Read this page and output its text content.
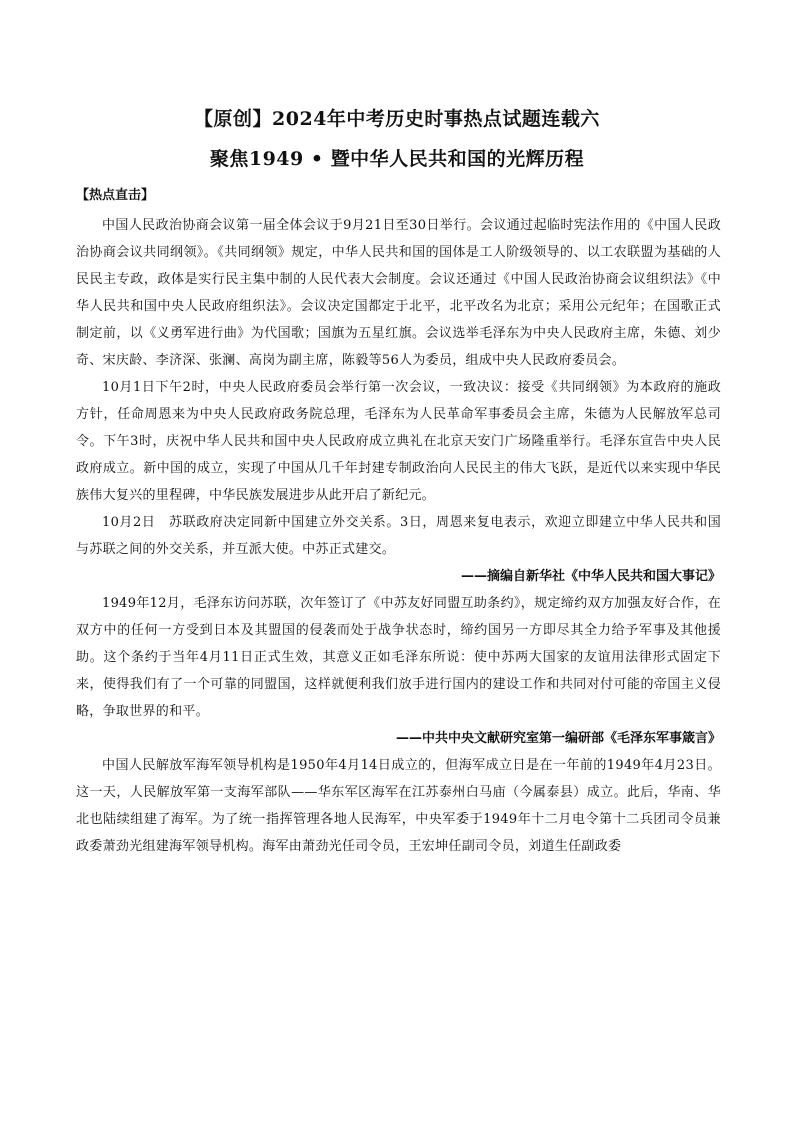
【原创】2024年中考历史时事热点试题连载六
聚焦1949 • 暨中华人民共和国的光辉历程

【热点直击】

中国人民政治协商会议第一届全体会议于9月21日至30日举行。会议通过起临时宪法作用的《中国人民政治协商会议共同纲领》。《共同纲领》规定，中华人民共和国的国体是工人阶级领导的、以工农联盟为基础的人民民主专政，政体是实行民主集中制的人民代表大会制度。会议还通过《中国人民政治协商会议组织法》《中华人民共和国中央人民政府组织法》。会议决定国都定于北平，北平改名为北京；采用公元纪年；在国歌正式制定前，以《义勇军进行曲》为代国歌；国旗为五星红旗。会议选举毛泽东为中央人民政府主席，朱德、刘少奇、宋庆龄、李济深、张澜、高岗为副主席，陈毅等56人为委员，组成中央人民政府委员会。

10月1日下午2时，中央人民政府委员会举行第一次会议，一致决议：接受《共同纲领》为本政府的施政方针，任命周恩来为中央人民政府政务院总理，毛泽东为人民革命军事委员会主席，朱德为人民解放军总司令。下午3时，庆祝中华人民共和国中央人民政府成立典礼在北京天安门广场隆重举行。毛泽东宣告中央人民政府成立。新中国的成立，实现了中国从几千年封建专制政治向人民民主的伟大飞跃，是近代以来实现中华民族伟大复兴的里程碑，中华民族发展进步从此开启了新纪元。

10月2日　苏联政府决定同新中国建立外交关系。3日，周恩来复电表示，欢迎立即建立中华人民共和国与苏联之间的外交关系，并互派大使。中苏正式建交。

——摘编自新华社《中华人民共和国大事记》

1949年12月，毛泽东访问苏联，次年签订了《中苏友好同盟互助条约》，规定缔约双方加强友好合作，在双方中的任何一方受到日本及其盟国的侵袭而处于战争状态时，缔约国另一方即尽其全力给予军事及其他援助。这个条约于当年4月11日正式生效，其意义正如毛泽东所说：使中苏两大国家的友谊用法律形式固定下来，使得我们有了一个可靠的同盟国，这样就便利我们放手进行国内的建设工作和共同对付可能的帝国主义侵略，争取世界的和平。

——中共中央文献研究室第一编研部《毛泽东军事箴言》

中国人民解放军海军领导机构是1950年4月14日成立的，但海军成立日是在一年前的1949年4月23日。这一天，人民解放军第一支海军部队——华东军区海军在江苏泰州白马庙（今属泰县）成立。此后，华南、华北也陆续组建了海军。为了统一指挥管理各地人民海军，中央军委于1949年十二月电令第十二兵团司令员兼政委萧劲光组建海军领导机构。海军由萧劲光任司令员，王宏坤任副司令员，刘道生任副政委
